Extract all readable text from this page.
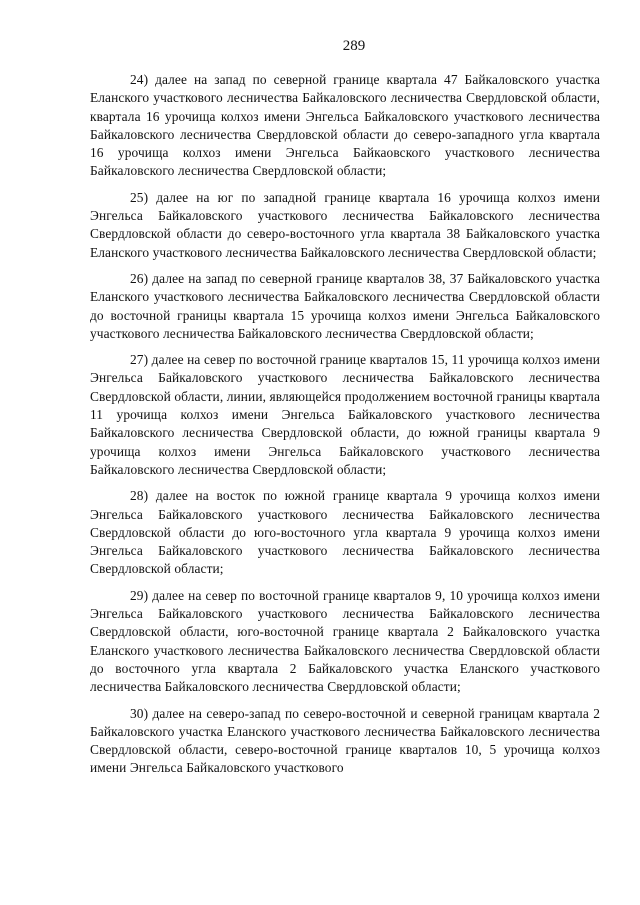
289

24) далее на запад по северной границе квартала 47 Байкаловского участка Еланского участкового лесничества Байкаловского лесничества Свердловской области, квартала 16 урочища колхоз имени Энгельса Байкаловского участкового лесничества Байкаловского лесничества Свердловской области до северо-западного угла квартала 16 урочища колхоз имени Энгельса Байкаовского участкового лесничества Байкаловского лесничества Свердловской области;

25) далее на юг по западной границе квартала 16 урочища колхоз имени Энгельса Байкаловского участкового лесничества Байкаловского лесничества Свердловской области до северо-восточного угла квартала 38 Байкаловского участка Еланского участкового лесничества Байкаловского лесничества Свердловской области;

26) далее на запад по северной границе кварталов 38, 37 Байкаловского участка Еланского участкового лесничества Байкаловского лесничества Свердловской области до восточной границы квартала 15 урочища колхоз имени Энгельса Байкаловского участкового лесничества Байкаловского лесничества Свердловской области;

27) далее на север по восточной границе кварталов 15, 11 урочища колхоз имени Энгельса Байкаловского участкового лесничества Байкаловского лесничества Свердловской области, линии, являющейся продолжением восточной границы квартала 11 урочища колхоз имени Энгельса Байкаловского участкового лесничества Байкаловского лесничества Свердловской области, до южной границы квартала 9 урочища колхоз имени Энгельса Байкаловского участкового лесничества Байкаловского лесничества Свердловской области;

28) далее на восток по южной границе квартала 9 урочища колхоз имени Энгельса Байкаловского участкового лесничества Байкаловского лесничества Свердловской области до юго-восточного угла квартала 9 урочища колхоз имени Энгельса Байкаловского участкового лесничества Байкаловского лесничества Свердловской области;

29) далее на север по восточной границе кварталов 9, 10 урочища колхоз имени Энгельса Байкаловского участкового лесничества Байкаловского лесничества Свердловской области, юго-восточной границе квартала 2 Байкаловского участка Еланского участкового лесничества Байкаловского лесничества Свердловской области до восточного угла квартала 2 Байкаловского участка Еланского участкового лесничества Байкаловского лесничества Свердловской области;

30) далее на северо-запад по северо-восточной и северной границам квартала 2 Байкаловского участка Еланского участкового лесничества Байкаловского лесничества Свердловской области, северо-восточной границе кварталов 10, 5 урочища колхоз имени Энгельса Байкаловского участкового
